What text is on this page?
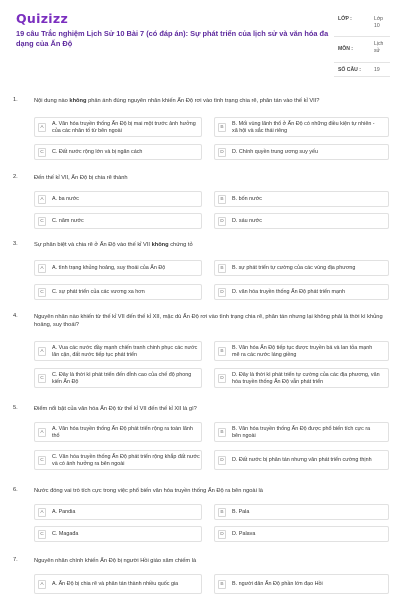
Quizizz
19 câu Trắc nghiệm Lịch Sử 10 Bài 7 (có đáp án): Sự phát triển của lịch sử và văn hóa đa dạng của Ấn Độ
LỚP :	Lớp 10
MÔN :
Lịch sử
SỐ CÂU :	19
1.	Nội dung nào không phản ánh đúng nguyên nhân khiến Ấn Độ rơi vào tình trạng chia rẽ, phân tán vào thế kỉ VII?
A
A. Văn hóa truyền thống Ấn Độ bị mai một trước ảnh hưởng của các nhân tố từ bên ngoài
B
B. Mối vùng lãnh thổ ở Ấn Độ có những điều kiện tự nhiên - xã hội và sắc thái riêng
C	C. Đất nước rộng lớn và bị ngăn cách	D	D. Chính quyền trung ương suy yếu
2.	Đến thế kỉ VII, Ấn Độ bị chia rẽ thành
A	A. ba nước	B	B. bốn nước
C	C. năm nước	D	D. sáu nước
3.	Sự phân biệt và chia rẽ ở Ấn Độ vào thế kỉ VII không chứng tỏ
A	A. tình trạng khủng hoảng, suy thoái của Ấn Độ	B	B. sự phát triển tự cường của các vùng địa phương
C	C. sự phát triển của các vương xa hơn	D	D. văn hóa truyền thống Ấn Độ phát triển mạnh
4.	Nguyên nhân nào khiến từ thế kỉ VII đến thế kỉ XII, mặc dù Ấn Độ rơi vào tình trạng chia rẽ, phân tán nhưng lại không phải là thời kì khủng hoảng, suy thoái?
A
A. Vua các nước đầy mạnh chiến tranh chinh phục các nước lân cận, đất nước tiếp tục phát triển
B
B. Văn hóa Ấn Độ tiếp tục được truyền bá và lan tỏa mạnh mẽ ra các nước láng giềng
C
C. Đây là thời kì phát triển đến đỉnh cao của chế độ phong kiến Ấn Độ
D
D. Đây là thời kì phát triển tự cường của các địa phương, văn hóa truyền thống Ấn Độ vẫn phát triển
5.	Điểm nổi bật của văn hóa Ấn Độ từ thế kỉ VII đến thế kỉ XII là gì?
A
A. Văn hóa truyền thống Ấn Độ phát triển rộng ra toàn lãnh thổ
B
B. Văn hóa truyền thống Ấn Độ được phổ biến tích cực ra bên ngoài
C
C. Văn hóa truyền thống Ấn Độ phát triển rộng khắp đất nước và có ảnh hưởng ra bên ngoài
D	D. Đất nước bị phân tán nhưng văn phát triển cường thịnh
6.	Nước đóng vai trò tích cực trong việc phổ biến văn hóa truyền thống Ấn Độ ra bên ngoài là
A	A. Pandia	B	B. Pala
C	C. Magađa	D	D. Palava
7.	Nguyên nhân chính khiến Ấn Độ bị người Hồi giáo xâm chiếm là
A	A. Ấn Độ bị chia rẽ và phân tán thành nhiều quốc gia	B	B. người dân Ấn Độ phần lớn đạo Hồi
